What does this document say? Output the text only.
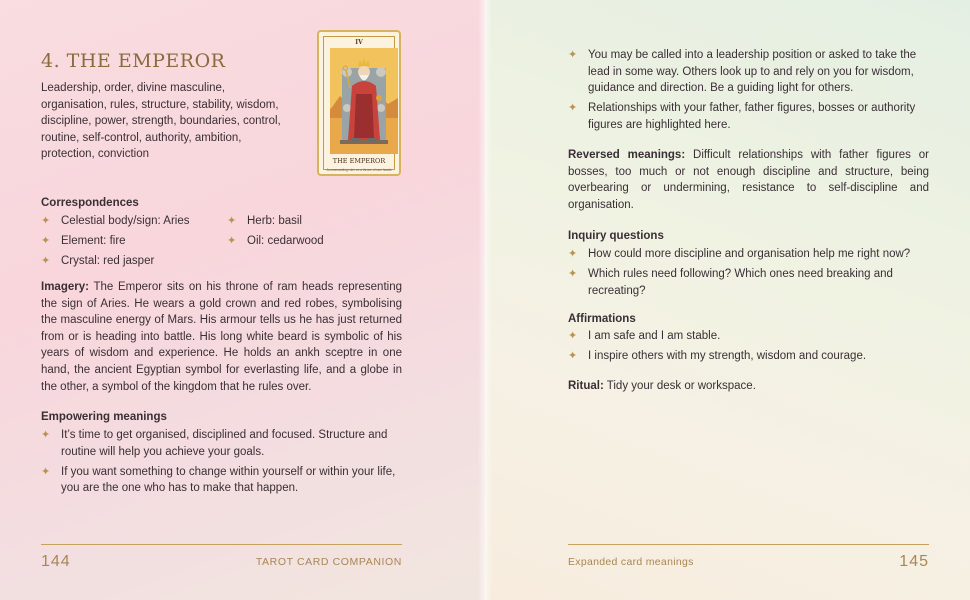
4. THE EMPEROR

Leadership, order, divine masculine, organisation, rules, structure, stability, wisdom, discipline, power, strength, boundaries, control, routine, self-control, authority, ambition, protection, conviction

IV
THE EMPEROR
A commanding ruler on a throne of ram heads
Correspondences
✦ Celestial body/sign: Aries
✦ Element: fire
✦ Crystal: red jasper
✦ Herb: basil
✦ Oil: cedarwood

Imagery: The Emperor sits on his throne of ram heads representing the sign of Aries. He wears a gold crown and red robes, symbolising the masculine energy of Mars. His armour tells us he has just returned from or is heading into battle. His long white beard is symbolic of his years of wisdom and experience. He holds an ankh sceptre in one hand, the ancient Egyptian symbol for everlasting life, and a globe in the other, a symbol of the kingdom that he rules over.

Empowering meanings
✦ It’s time to get organised, disciplined and focused. Structure and routine will help you achieve your goals.
✦ If you want something to change within yourself or within your life, you are the one who has to make that happen.
144	TAROT CARD COMPANION
✦ You may be called into a leadership position or asked to take the lead in some way. Others look up to and rely on you for wisdom, guidance and direction. Be a guiding light for others.
✦ Relationships with your father, father figures, bosses or authority figures are highlighted here.

Reversed meanings: Difficult relationships with father figures or bosses, too much or not enough discipline and structure, being overbearing or undermining, resistance to self-discipline and organisation.

Inquiry questions
✦ How could more discipline and organisation help me right now?
✦ Which rules need following? Which ones need breaking and recreating?
Affirmations
✦ I am safe and I am stable.
✦ I inspire others with my strength, wisdom and courage.

Ritual: Tidy your desk or workspace.

Expanded card meanings	145
